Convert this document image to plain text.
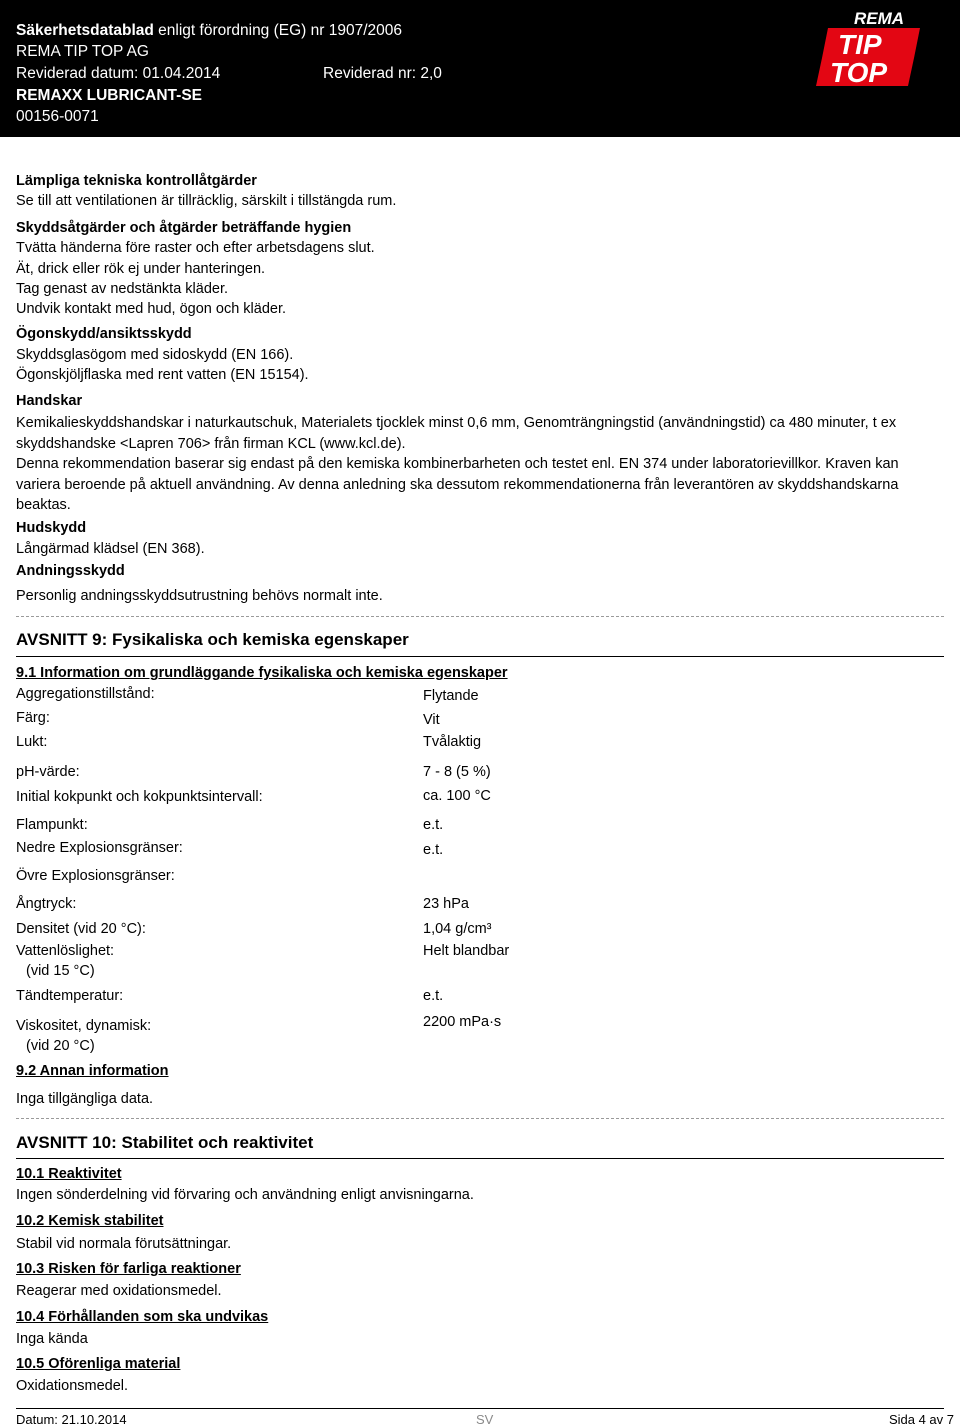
Säkerhetsdatablad enligt förordning (EG) nr 1907/2006
REMA TIP TOP AG
Reviderad datum: 01.04.2014	Reviderad nr: 2,0
REMAXX LUBRICANT-SE
00156-0071
REMA
TIP
TOP
Lämpliga tekniska kontrollåtgärder
Se till att ventilationen är tillräcklig, särskilt i tillstängda rum.
Skyddsåtgärder och åtgärder beträffande hygien
Tvätta händerna före raster och efter arbetsdagens slut.
Ät, drick eller rök ej under hanteringen.
Tag genast av nedstänkta kläder.
Undvik kontakt med hud, ögon och kläder.
Ögonskydd/ansiktsskydd
Skyddsglasögom med sidoskydd (EN 166).
Ögonskjöljflaska med rent vatten (EN 15154).
Handskar
Kemikalieskyddshandskar i naturkautschuk, Materialets tjocklek minst 0,6 mm, Genomträngningstid (användningstid) ca 480 minuter, t ex skyddshandske <Lapren 706> från firman KCL (www.kcl.de).
Denna rekommendation baserar sig endast på den kemiska kombinerbarheten och testet enl. EN 374 under laboratorievillkor. Kraven kan variera beroende på aktuell användning. Av denna anledning ska dessutom rekommendationerna från leverantören av skyddshandskarna beaktas.
Hudskydd
Långärmad klädsel (EN 368).
Andningsskydd
Personlig andningsskyddsutrustning behövs normalt inte.
AVSNITT 9: Fysikaliska och kemiska egenskaper
9.1 Information om grundläggande fysikaliska och kemiska egenskaper
Aggregationstillstånd:	Flytande
Färg:	Vit
Lukt:	Tvålaktig
pH-värde:	7 - 8 (5 %)
Initial kokpunkt och kokpunktsintervall:	ca. 100 °C
Flampunkt:	e.t.
Nedre Explosionsgränser:	e.t.
Övre Explosionsgränser:
Ångtryck:	23 hPa
Densitet (vid 20 °C):	1,04 g/cm³
Vattenlöslighet:	Helt blandbar
(vid 15 °C)
Tändtemperatur:	e.t.
Viskositet, dynamisk:	2200 mPa·s
(vid 20 °C)
9.2 Annan information
Inga tillgängliga data.
AVSNITT 10: Stabilitet och reaktivitet
10.1 Reaktivitet
Ingen sönderdelning vid förvaring och användning enligt anvisningarna.
10.2 Kemisk stabilitet
Stabil vid normala förutsättningar.
10.3 Risken för farliga reaktioner
Reagerar med oxidationsmedel.
10.4 Förhållanden som ska undvikas
Inga kända
10.5 Oförenliga material
Oxidationsmedel.
Datum: 21.10.2014	SV	Sida 4 av 7
